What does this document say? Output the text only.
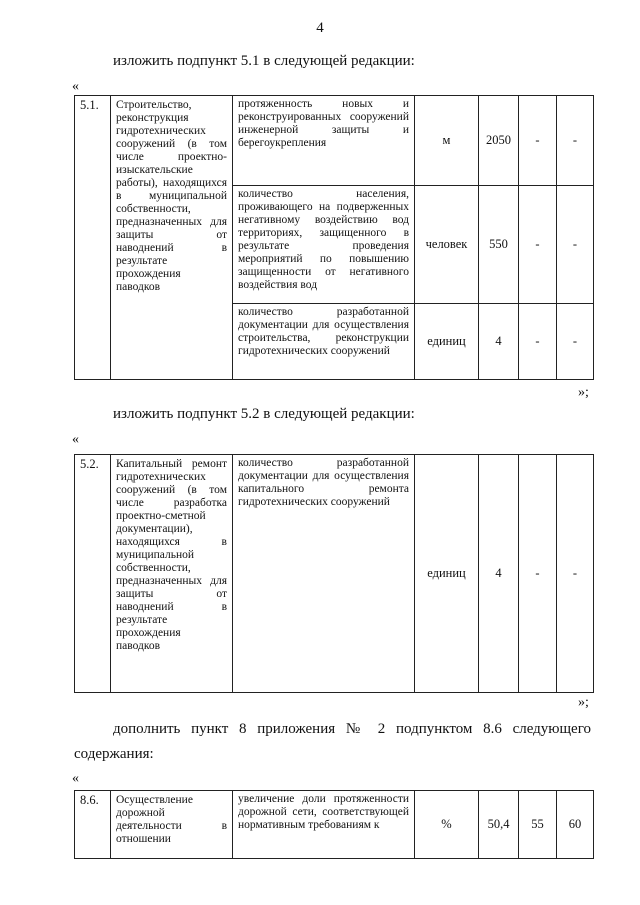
4
изложить подпункт 5.1 в следующей редакции:
«
5.1.	Строительство, реконструкция гидротехнических сооружений (в том числе проектно-изыскательские работы), находящихся в муниципальной собственности, предназначенных для защиты от наводнений в результате прохождения паводков	протяженность новых и реконструированных сооружений инженерной защиты и берегоукрепления	м	2050	-	-
		количество населения, проживающего на подверженных негативному воздействию вод территориях, защищенного в результате проведения мероприятий по повышению защищенности от негативного воздействия вод	человек	550	-	-
		количество разработанной документации для осуществления строительства, реконструкции гидротехнических сооружений	единиц	4	-	-
»;
изложить подпункт 5.2 в следующей редакции:
«
5.2.	Капитальный ремонт гидротехнических сооружений (в том числе разработка проектно-сметной документации), находящихся в муниципальной собственности, предназначенных для защиты от наводнений в результате прохождения паводков	количество разработанной документации для осуществления капитального ремонта гидротехнических сооружений	единиц	4	-	-
»;
дополнить пункт 8 приложения № 2 подпунктом 8.6 следующего
содержания:
«
8.6.	Осуществление дорожной деятельности в отношении	увеличение доли протяженности дорожной сети, соответствующей нормативным требованиям к	%	50,4	55	60
